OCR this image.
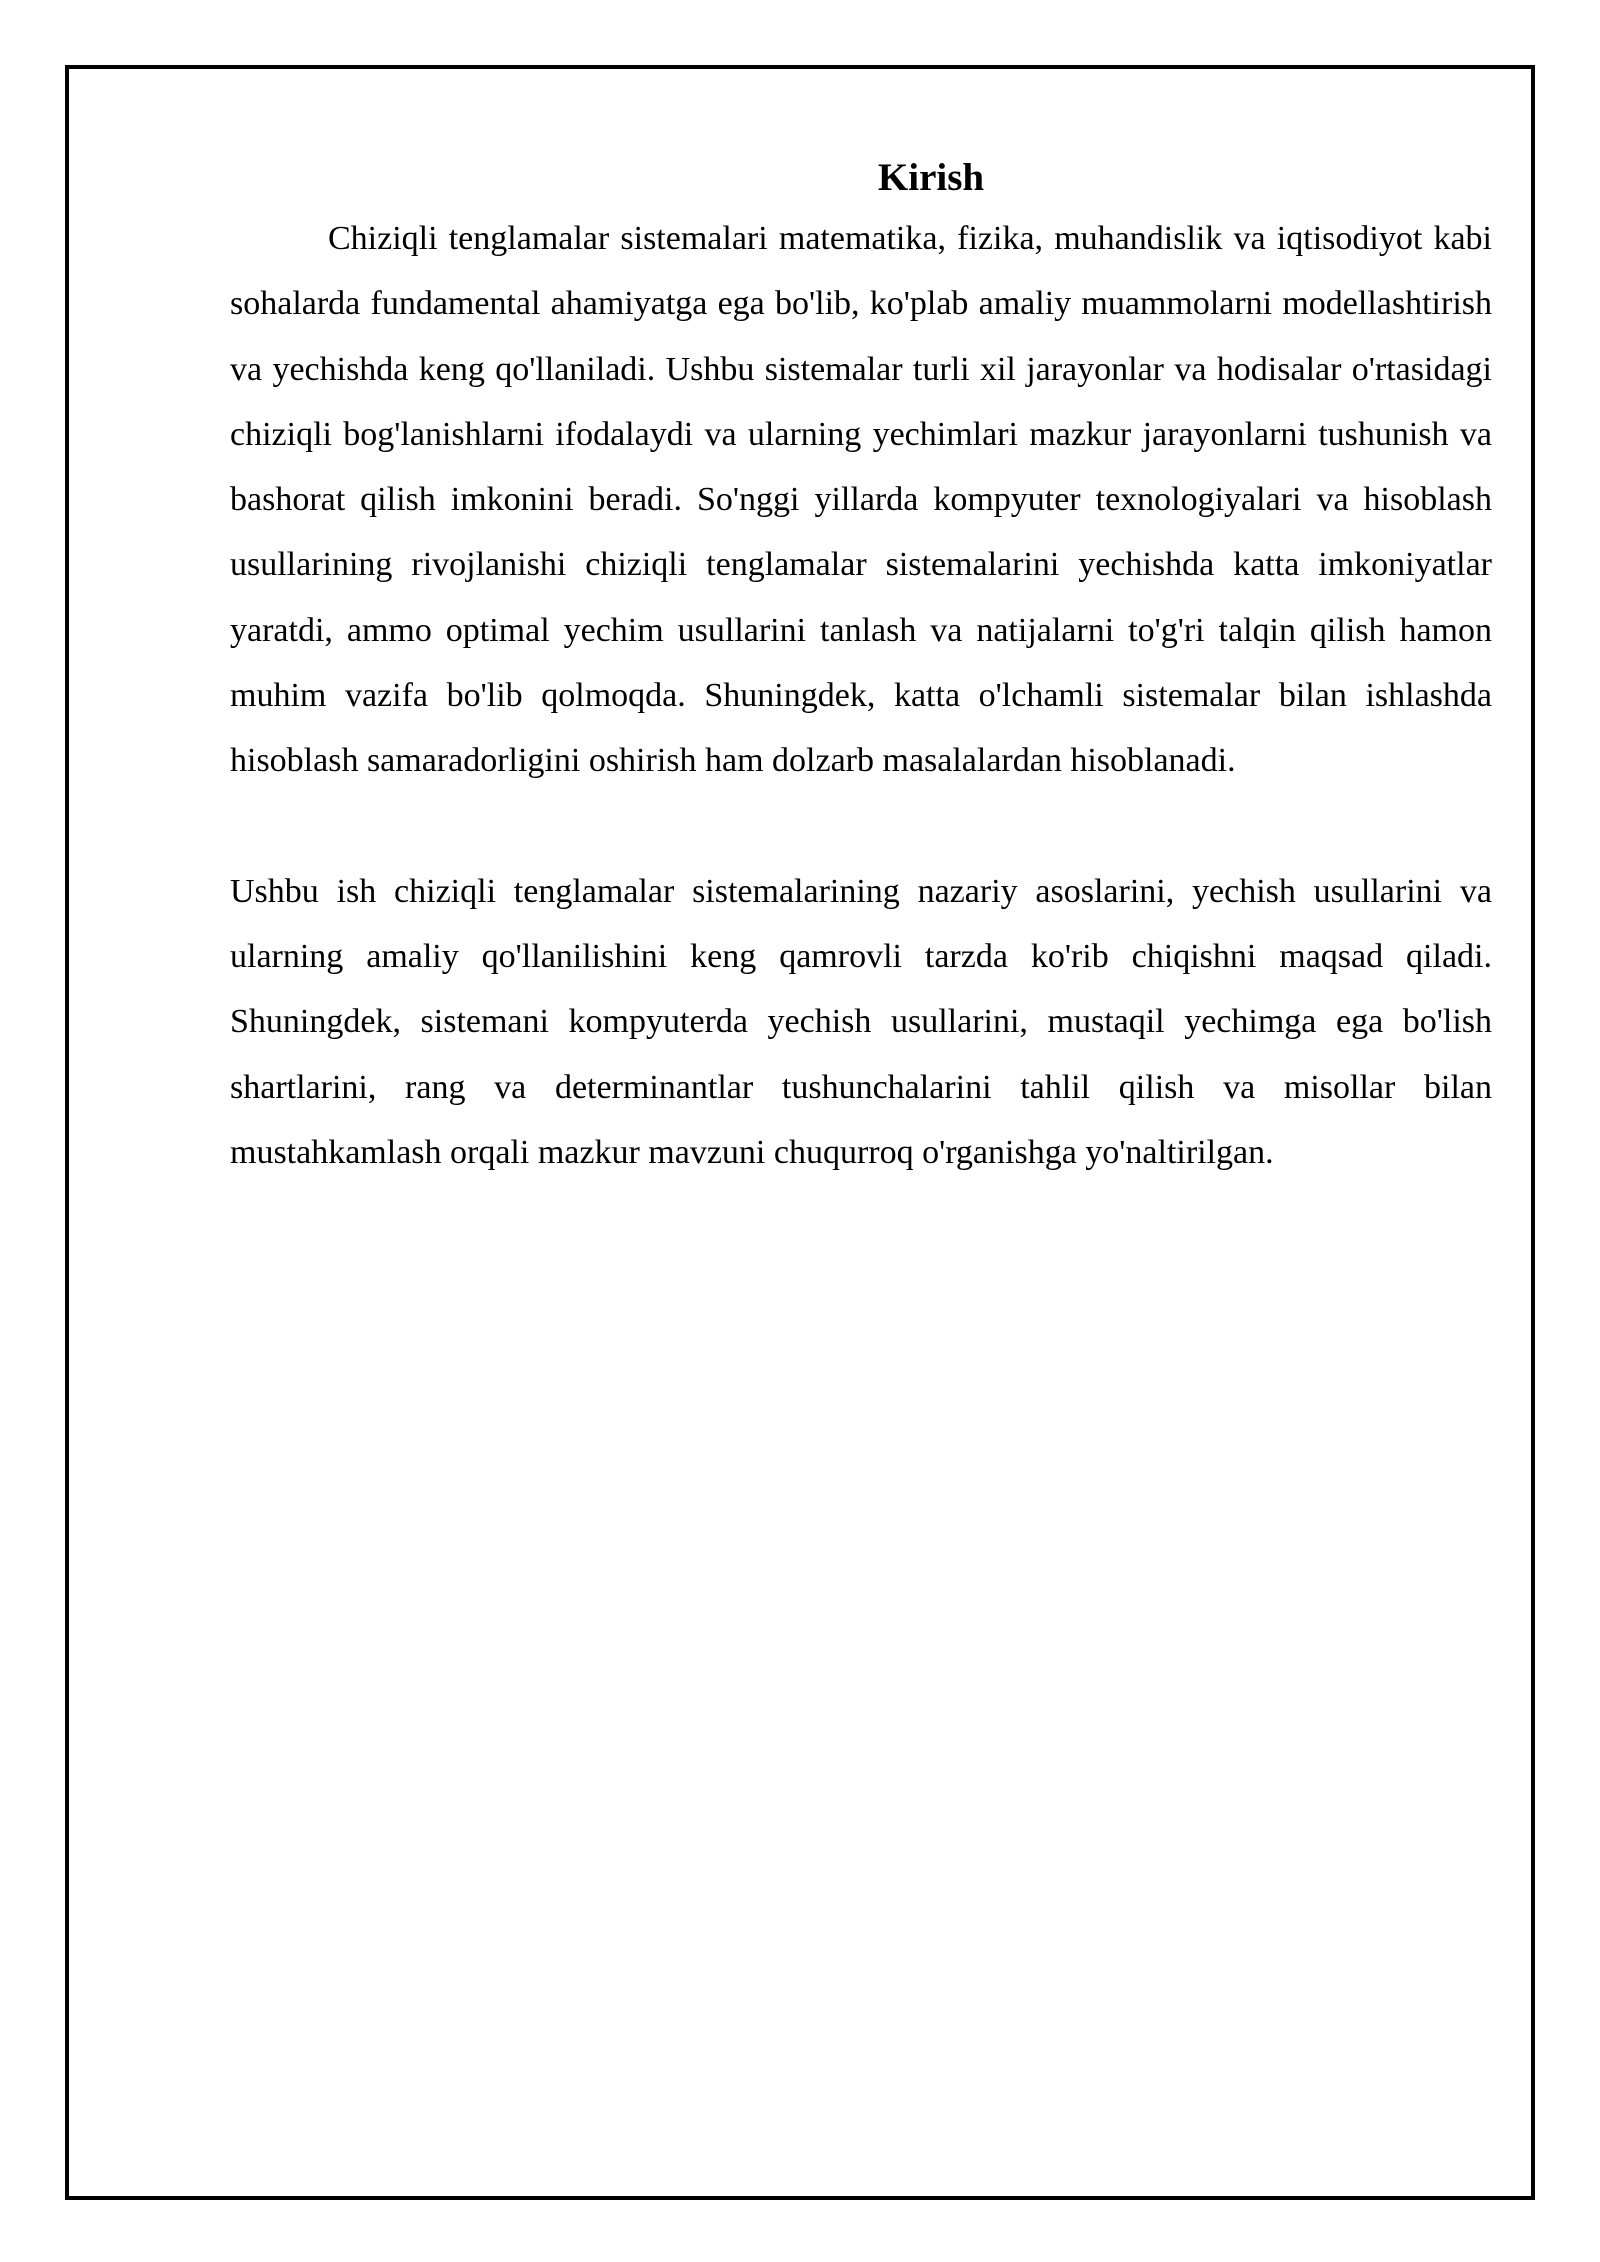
Kirish

Chiziqli tenglamalar sistemalari matematika, fizika, muhandislik va iqtisodiyot kabi sohalarda fundamental ahamiyatga ega bo'lib, ko'plab amaliy muammolarni modellashtirish va yechishda keng qo'llaniladi. Ushbu sistemalar turli xil jarayonlar va hodisalar o'rtasidagi chiziqli bog'lanishlarni ifodalaydi va ularning yechimlari mazkur jarayonlarni tushunish va bashorat qilish imkonini beradi. So'nggi yillarda kompyuter texnologiyalari va hisoblash usullarining rivojlanishi chiziqli tenglamalar sistemalarini yechishda katta imkoniyatlar yaratdi, ammo optimal yechim usullarini tanlash va natijalarni to'g'ri talqin qilish hamon muhim vazifa bo'lib qolmoqda. Shuningdek, katta o'lchamli sistemalar bilan ishlashda hisoblash samaradorligini oshirish ham dolzarb masalalardan hisoblanadi.

Ushbu ish chiziqli tenglamalar sistemalarining nazariy asoslarini, yechish usullarini va ularning amaliy qo'llanilishini keng qamrovli tarzda ko'rib chiqishni maqsad qiladi. Shuningdek, sistemani kompyuterda yechish usullarini, mustaqil yechimga ega bo'lish shartlarini, rang va determinantlar tushunchalarini tahlil qilish va misollar bilan mustahkamlash orqali mazkur mavzuni chuqurroq o'rganishga yo'naltirilgan.
